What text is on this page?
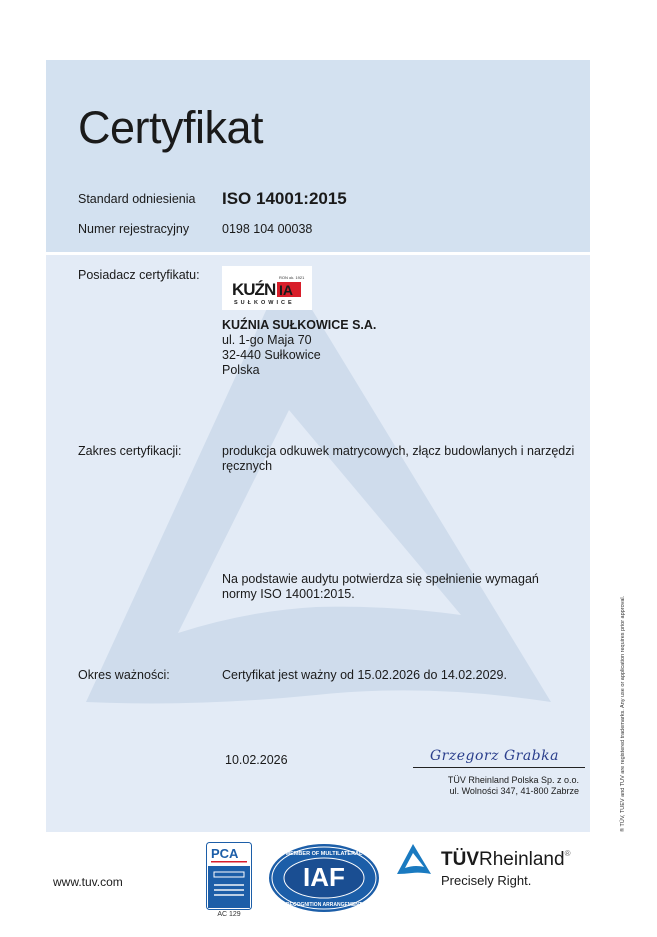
Certyfikat
Standard odniesienia ISO 14001:2015
Numer rejestracyjny	0198 104 00038
Posiadacz certyfikatu:
KUŹN IA
RON ok. 1921
SUŁKOWICE
KUŹNIA SUŁKOWICE S.A.
ul. 1-go Maja 70
32-440 Sułkowice
Polska
Zakres certyfikacji:	produkcja odkuwek matrycowych, złącz budowlanych i narzędzi ręcznych
Na podstawie audytu potwierdza się spełnienie wymagań normy ISO 14001:2015.
Okres ważności:	Certyfikat jest ważny od 15.02.2026 do 14.02.2029.
10.02.2026	Grzegorz Grabka
TÜV Rheinland Polska Sp. z o.o.
ul. Wolności 347, 41-800 Zabrze
www.tuv.com
PCA
AC 129
IAF
MEMBER OF MULTILATERAL
RECOGNITION ARRANGEMENT
TÜVRheinland®
Precisely Right.
® TÜV, TUEV and TUV are registered trademarks. Any use or application requires prior approval.
